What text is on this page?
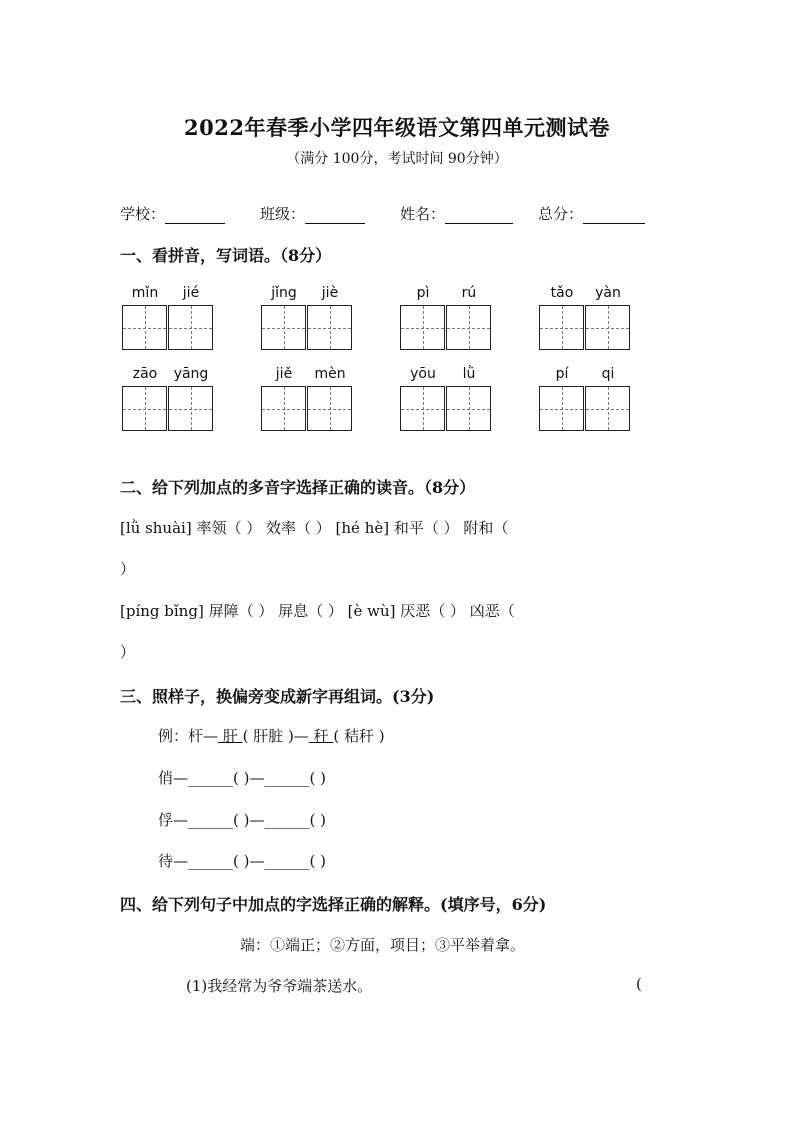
2022年春季小学四年级语文第四单元测试卷
（满分 100分，考试时间 90分钟）
学校：	班级：	姓名：	总分：
一、看拼音，写词语。（8分）
mǐn	jié	jǐng	jiè	pì	rú	tǎo	yàn
zāo	yāng	jiě	mèn	yōu	lǜ	pí	qi
二、给下列加点的多音字选择正确的读音。（8分）
[lǜ shuài] 率领（ ） 效率（ ） [hé hè] 和平（ ） 附和（
）
[píng bǐng] 屏障（ ） 屏息（ ） [è wù] 厌恶（ ） 凶恶（
）
三、照样子，换偏旁变成新字再组词。(3分)
例：杆— 肝 ( 肝脏 )— 秆 ( 秸秆 )
俏—______( )—______( )
俘—______( )—______( )
待—______( )—______( )
四、给下列句子中加点的字选择正确的解释。(填序号，6分)
端：①端正；②方面，项目；③平举着拿。
(1)我经常为爷爷端茶送水。	(
